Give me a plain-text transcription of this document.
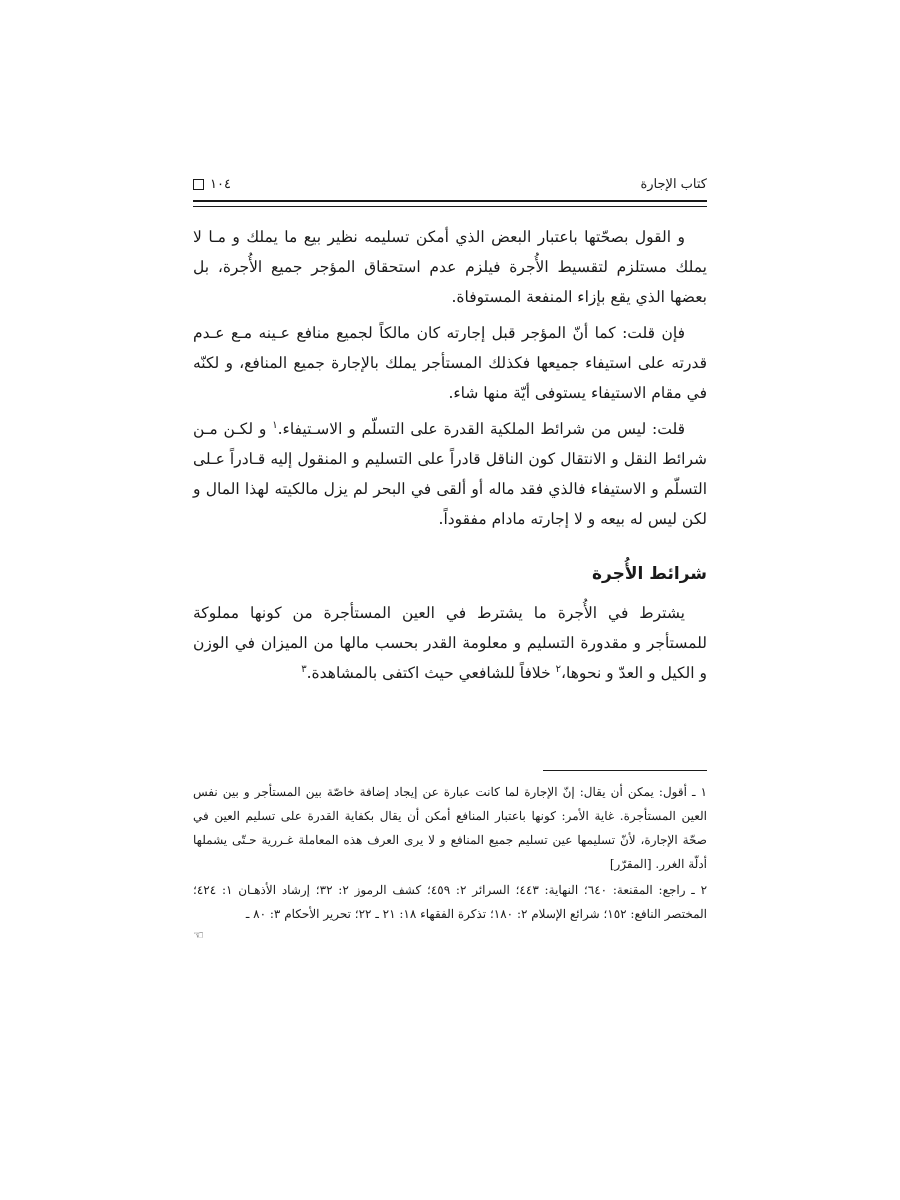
كتاب الإجارة
١٠٤

و القول بصحّتها باعتبار البعض الذي أمكن تسليمه نظير بيع ما يملك و مـا لا يملك مستلزم لتقسيط الأُجرة فيلزم عدم استحقاق المؤجر جميع الأُجرة، بل بعضها الذي يقع بإزاء المنفعة المستوفاة.

فإن قلت: كما أنّ المؤجر قبل إجارته كان مالكاً لجميع منافع عـينه مـع عـدم قدرته على استيفاء جميعها فكذلك المستأجر يملك بالإجارة جميع المنافع، و لكنّه في مقام الاستيفاء يستوفى أيّة منها شاء.

قلت: ليس من شرائط الملكية القدرة على التسلّم و الاسـتيفاء.$^١$ و لكـن مـن شرائط النقل و الانتقال كون الناقل قادراً على التسليم و المنقول إليه قـادراً عـلى التسلّم و الاستيفاء فالذي فقد ماله أو ألقى في البحر لم يزل مالكيته لهذا المال و لكن ليس له بيعه و لا إجارته مادام مفقوداً.

شرائط الأُجرة

يشترط في الأُجرة ما يشترط في العين المستأجرة من كونها مملوكة للمستأجر و مقدورة التسليم و معلومة القدر بحسب مالها من الميزان في الوزن و الكيل و العدّ و نحوها،$^٢$ خلافاً للشافعي حيث اكتفى بالمشاهدة.$^٣$

١ ـ أقول: يمكن أن يقال: إنّ الإجارة لما كانت عبارة عن إيجاد إضافة خاصّة بين المستأجر و بين نفس العين المستأجرة. غاية الأمر: كونها باعتبار المنافع أمكن أن يقال بكفاية القدرة على تسليم العين في صحّة الإجارة، لأنّ تسليمها عين تسليم جميع المنافع و لا يرى العرف هذه المعاملة غـررية حـتّى يشملها أدلّة الغرر. [المقرّر]

٢ ـ راجع: المقنعة: ٦٤٠؛ النهاية: ٤٤٣؛ السرائر ٢: ٤٥٩؛ كشف الرموز ٢: ٣٢؛ إرشاد الأذهـان ١: ٤٢٤؛ المختصر النافع: ١٥٢؛ شرائع الإسلام ٢: ١٨٠؛ تذكرة الفقهاء ١٨: ٢١ ـ ٢٢؛ تحرير الأحكام ٣: ٨٠ ـ

☜
